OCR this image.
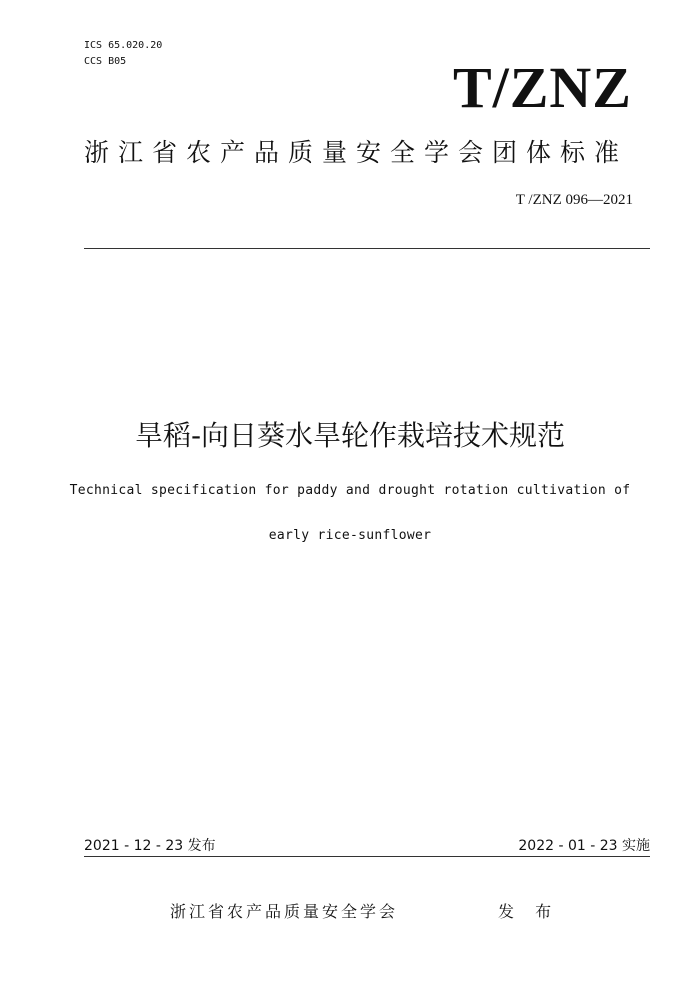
ICS 65.020.20
CCS B05	T/ZNZ
浙江省农产品质量安全学会团体标准
T /ZNZ 096—2021
旱稻-向日葵水旱轮作栽培技术规范
Technical specification for paddy and drought rotation cultivation of
early rice-sunflower
2021 - 12 - 23 发布	2022 - 01 - 23 实施
浙江省农产品质量安全学会	发 布
